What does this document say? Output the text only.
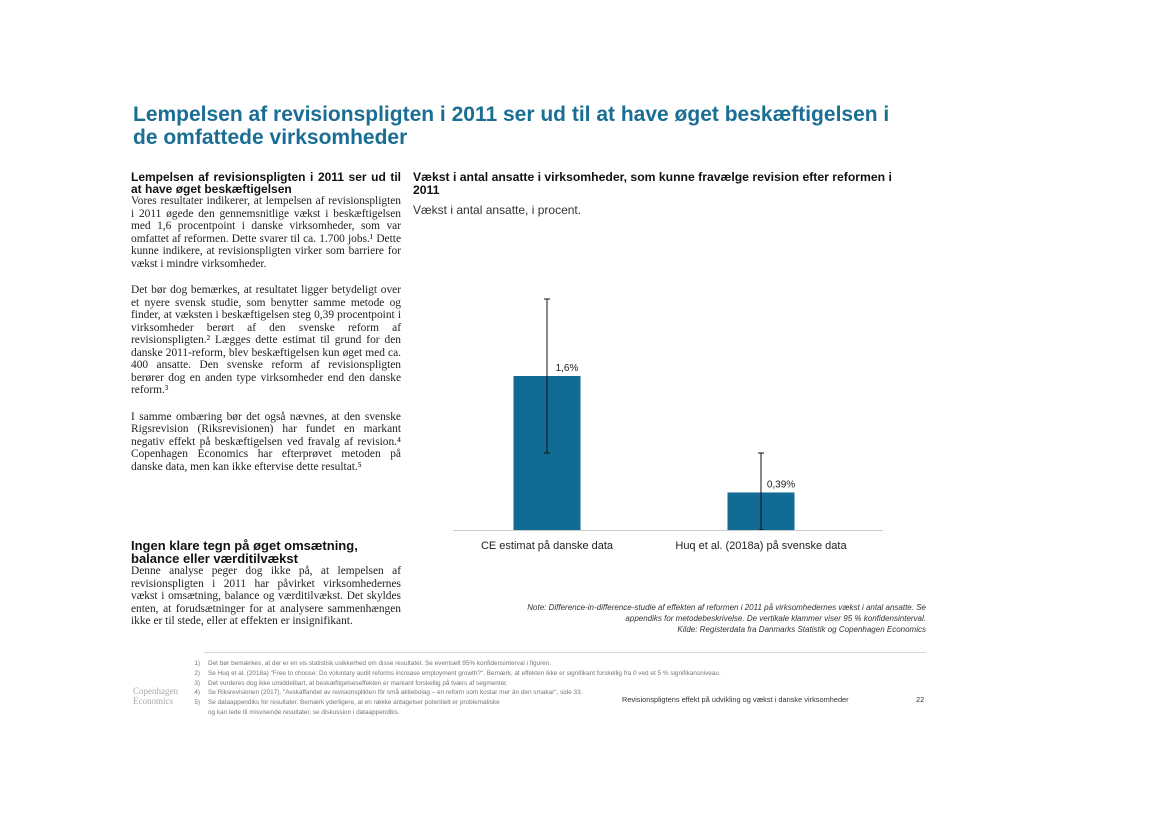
Lempelsen af revisionspligten i 2011 ser ud til at have øget beskæftigelsen i de omfattede virksomheder

Lempelsen af revisionspligten i 2011 ser ud til at have øget beskæftigelsen

Vores resultater indikerer, at lempelsen af revisionspligten i 2011 øgede den gennemsnitlige vækst i beskæftigelsen med 1,6 procentpoint i danske virksomheder, som var omfattet af reformen. Dette svarer til ca. 1.700 jobs.¹ Dette kunne indikere, at revisionspligten virker som barriere for vækst i mindre virksomheder.

Det bør dog bemærkes, at resultatet ligger betydeligt over et nyere svensk studie, som benytter samme metode og finder, at væksten i beskæftigelsen steg 0,39 procentpoint i virksomheder berørt af den svenske reform af revisionspligten.² Lægges dette estimat til grund for den danske 2011-reform, blev beskæftigelsen kun øget med ca. 400 ansatte. Den svenske reform af revisionspligten berører dog en anden type virksomheder end den danske reform.³

I samme ombæring bør det også nævnes, at den svenske Rigsrevision (Riksrevisionen) har fundet en markant negativ effekt på beskæftigelsen ved fravalg af revision.⁴ Copenhagen Economics har efterprøvet metoden på danske data, men kan ikke eftervise dette resultat.⁵

Ingen klare tegn på øget omsætning, balance eller værditilvækst

Denne analyse peger dog ikke på, at lempelsen af revisionspligten i 2011 har påvirket virksomhedernes vækst i omsætning, balance og værditilvækst. Det skyldes enten, at forudsætninger for at analysere sammenhængen ikke er til stede, eller at effekten er insignifikant.

Vækst i antal ansatte i virksomheder, som kunne fravælge revision efter reformen i 2011

Vækst i antal ansatte, i procent.

1,6%
0,39%
CE estimat på danske data	Huq et al. (2018a) på svenske data
Note: Difference-in-difference-studie af effekten af reformen i 2011 på virksomhedernes vækst i antal ansatte. Se
appendiks for metodebeskrivelse. De vertikale klammer viser 95 % konfidensinterval.
Kilde: Registerdata fra Danmarks Statistik og Copenhagen Economics
1) Det bør bemærkes, at der er en vis statistisk usikkerhed om disse resultater. Se eventuelt 95% konfidensinterval i figuren.
2) Se Huq et al. (2018a) "Free to choose: Do voluntary audit reforms increase employment growth?". Bemærk, at effekten ikke er signifikant forskellig fra 0 ved et 5 % signifikansniveau.
3) Det vurderes dog ikke umiddelbart, at beskæftigelseseffekten er markant forskellig på tværs af segmenter.
4) Se Riksrevisionen (2017). "Avskaffandet av revisionsplikten för små aktiebolag – en reform som kostar mer än den smakar", side 33.
5) Se dataappendiks for resultater. Bemærk yderligere, at en række antagelser potentielt er problematiske
og kan lede til misvisende resultater, se diskussion i dataappendiks.
Copenhagen
Economics	Revisionspligtens effekt på udvikling og vækst i danske virksomheder	22
